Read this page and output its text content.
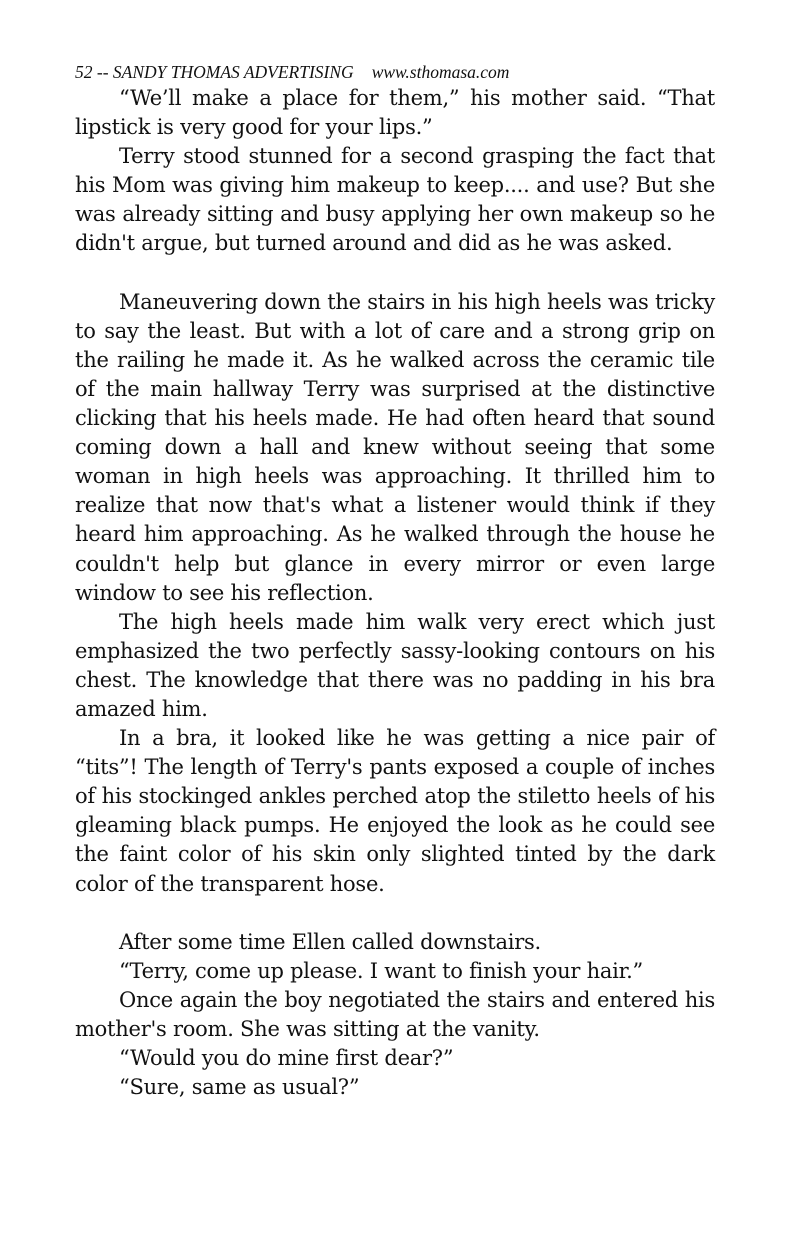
52 -- SANDY THOMAS ADVERTISING www.sthomasa.com

“We’ll make a place for them,” his mother said. “That lipstick is very good for your lips.”

Terry stood stunned for a second grasping the fact that his Mom was giving him makeup to keep.... and use? But she was already sitting and busy applying her own makeup so he didn't argue, but turned around and did as he was asked.

Maneuvering down the stairs in his high heels was tricky to say the least. But with a lot of care and a strong grip on the railing he made it. As he walked across the ceramic tile of the main hallway Terry was surprised at the distinctive clicking that his heels made. He had often heard that sound coming down a hall and knew without seeing that some woman in high heels was approaching. It thrilled him to realize that now that's what a listener would think if they heard him approaching. As he walked through the house he couldn't help but glance in every mirror or even large window to see his reflection.

The high heels made him walk very erect which just emphasized the two perfectly sassy-looking contours on his chest. The knowledge that there was no padding in his bra amazed him.

In a bra, it looked like he was getting a nice pair of “tits”! The length of Terry's pants exposed a couple of inches of his stockinged ankles perched atop the stiletto heels of his gleaming black pumps. He enjoyed the look as he could see the faint color of his skin only slighted tinted by the dark color of the transparent hose.

After some time Ellen called downstairs.

“Terry, come up please. I want to finish your hair.”

Once again the boy negotiated the stairs and entered his mother's room. She was sitting at the vanity.

“Would you do mine first dear?”

“Sure, same as usual?”
